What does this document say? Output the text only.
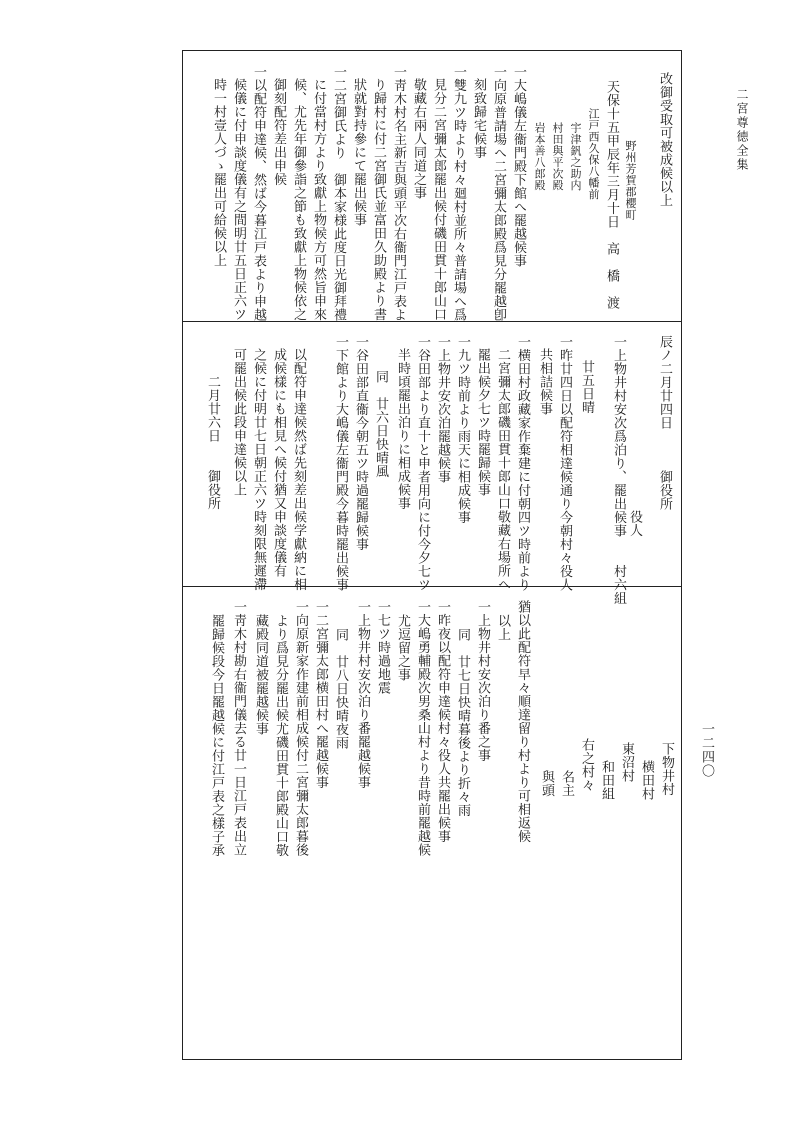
二宮尊徳全集
一二四〇
改御受取可被成候以上
野州芳賀郡櫻町
天保十五甲辰年三月十日　高　橋　渡
江戸西久保八幡前
宇津釩之助内
村田與平次殿
岩本善八郎殿
一大嶋儀左衞門殿下館へ罷越候事
一向原普請場へ二宮彌太郎殿爲見分罷越卽
刻致歸宅候事
一雙九ツ時より村々廻村並所々普請場へ爲
見分二宮彌太郎罷出候付磯田貫十郎山口
敬藏右兩人同道之事
一靑木村名主新吉與頭平次右衞門江戸表よ
り歸村に付二宮御氏並富田久助殿より書
狀就對持參にて罷出候事
一二宮御氏より　御本家様此度日光御拜禮
に付當村方より致獻上物候方可然旨申來
候、尤先年御參詣之節も致獻上物候依之
御刻配符差出申候
一以配符申達候、然ば今暮江戸表より申越
候儀に付申談度儀有之間明廿五日正六ツ
時一村壹人づゝ罷出可給候以上
辰ノ二月廿四日　　　御役所
一上物井村安次爲泊り、罷出候事　　村六組 役人
廿五日晴
一昨廿四日以配符相達候通り今朝村々役人
共相詰候事
一横田村政藏家作棄建に付朝四ツ時前より
二宮彌太郎磯田貫十郎山口敬藏右場所へ
罷出候夕七ツ時罷歸候事
一九ツ時前より雨天に相成候事
一上物井安次泊罷越候事
一谷田部より直十と申者用向に付今夕七ツ
半時頃罷出泊りに相成候事
同　廿六日快晴風
一谷田部直衞今朝五ツ時過罷歸候事
一下館より大嶋儀左衞門殿今暮時罷出候事
以配符申達候然ば先刻差出候学獻納に相
成候樣にも相見へ候付猶又申談度儀有
之候に付明廿七日朝正六ツ時刻限無遲滯
可罷出候此段申達候以上
二月廿六日　　御役所
下物井村
横田村
東沼村
和田組
右之村々
名主
與頭
猶以此配符早々順達留り村より可相返候
以上
一上物井村安次泊り番之事
同　廿七日快晴暮後より折々雨
一昨夜以配符申達候村々役人共罷出候事
一大嶋勇輔殿次男桑山村より昔時前罷越候
尤逗留之事
一七ツ時過地震
一上物井村安次泊り番罷越候事
同　廿八日快晴夜雨
一二宮彌太郎横田村へ罷越候事
一向原新家作建前相成候付二宮彌太郎暮後
より爲見分罷出候尤磯田貫十郎殿山口敬
藏殿同道被罷越候事
一靑木村勘右衞門儀去る廿一日江戸表出立
罷歸候段今日罷越候に付江戸表之樣子承
